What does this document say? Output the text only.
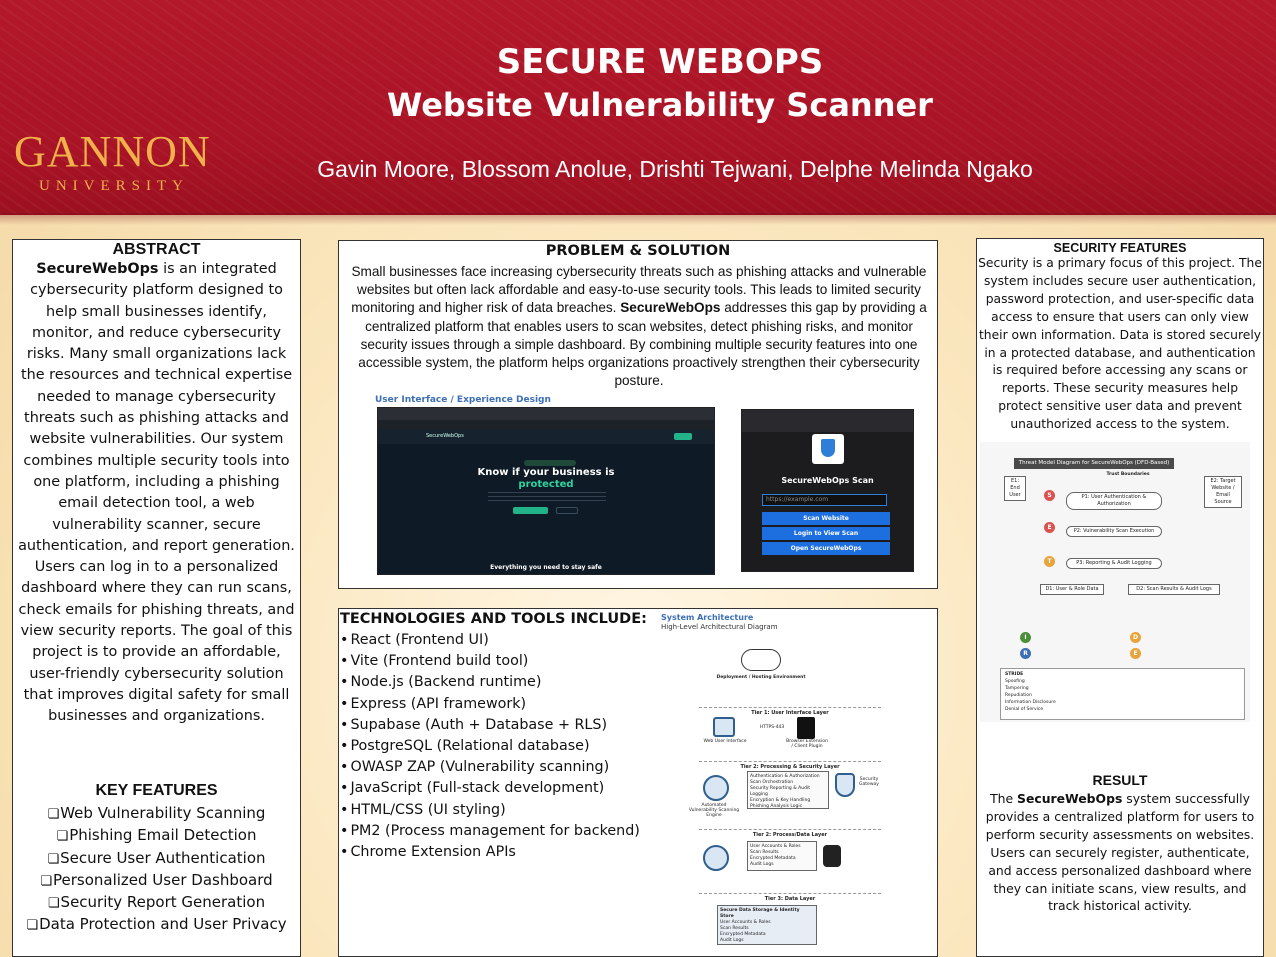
GANNON
UNIVERSITY
SECURE WEBOPS
Website Vulnerability Scanner
Gavin Moore, Blossom Anolue, Drishti Tejwani, Delphe Melinda Ngako
ABSTRACT
SecureWebOps is an integrated cybersecurity platform designed to help small businesses identify, monitor, and reduce cybersecurity risks. Many small organizations lack the resources and technical expertise needed to manage cybersecurity threats such as phishing attacks and website vulnerabilities. Our system combines multiple security tools into one platform, including a phishing email detection tool, a web vulnerability scanner, secure authentication, and report generation. Users can log in to a personalized dashboard where they can run scans, check emails for phishing threats, and view security reports. The goal of this project is to provide an affordable, user-friendly cybersecurity solution that improves digital safety for small businesses and organizations.
KEY FEATURES
❏ Web Vulnerability Scanning
❏ Phishing Email Detection
❏ Secure User Authentication
❏ Personalized User Dashboard
❏ Security Report Generation
❏ Data Protection and User Privacy
PROBLEM & SOLUTION
Small businesses face increasing cybersecurity threats such as phishing attacks and vulnerable websites but often lack affordable and easy-to-use security tools. This leads to limited security monitoring and higher risk of data breaches. SecureWebOps addresses this gap by providing a centralized platform that enables users to scan websites, detect phishing risks, and monitor security issues through a simple dashboard. By combining multiple security features into one accessible system, the platform helps organizations proactively strengthen their cybersecurity posture.
User Interface / Experience Design
SecureWebOps
Know if your business is
protected
Everything you need to stay safe
SecureWebOps Scan
https://example.com
Scan Website
Login to View Scan
Open SecureWebOps
TECHNOLOGIES AND TOOLS INCLUDE:
• React (Frontend UI)
• Vite (Frontend build tool)
• Node.js (Backend runtime)
• Express (API framework)
• Supabase (Auth + Database + RLS)
• PostgreSQL (Relational database)
• OWASP ZAP (Vulnerability scanning)
• JavaScript (Full-stack development)
• HTML/CSS (UI styling)
• PM2 (Process management for backend)
• Chrome Extension APIs
System Architecture
High-Level Architectural Diagram
Deployment / Hosting Environment
Tier 1: User Interface Layer
Web User Interface
HTTPS-443
Browser Extension / Client Plugin
Tier 2: Processing & Security Layer
Automated Vulnerability Scanning Engine
Authentication & Authorization
Scan Orchestration
Security Reporting & Audit Logging
Encryption & Key Handling
Phishing Analysis Logic
Security Gateway
Tier 2: Process/Data Layer
User Accounts & Roles
Scan Results
Encrypted Metadata
Audit Logs
Tier 3: Data Layer
Secure Data Storage & Identity Store
User Accounts & Roles
Scan Results
Encrypted Metadata
Audit Logs
SECURITY FEATURES
Security is a primary focus of this project. The system includes secure user authentication, password protection, and user-specific data access to ensure that users can only view their own information. Data is stored securely in a protected database, and authentication is required before accessing any scans or reports. These security measures help protect sensitive user data and prevent unauthorized access to the system.
Threat Model Diagram for SecureWebOps (DFD-Based)
Trust Boundaries
E1: End User
E2: Target Website / Email Source
S	P1: User Authentication & Authorization
E	P2: Vulnerability Scan Execution
T	P3: Reporting & Audit Logging
D1: User & Role Data	D2: Scan Results & Audit Logs
I	D
R	E
STRIDE
Spoofing
Tampering
Repudiation
Information Disclosure
Denial of Service
RESULT
The SecureWebOps system successfully provides a centralized platform for users to perform security assessments on websites. Users can securely register, authenticate, and access personalized dashboard where they can initiate scans, view results, and track historical activity.
